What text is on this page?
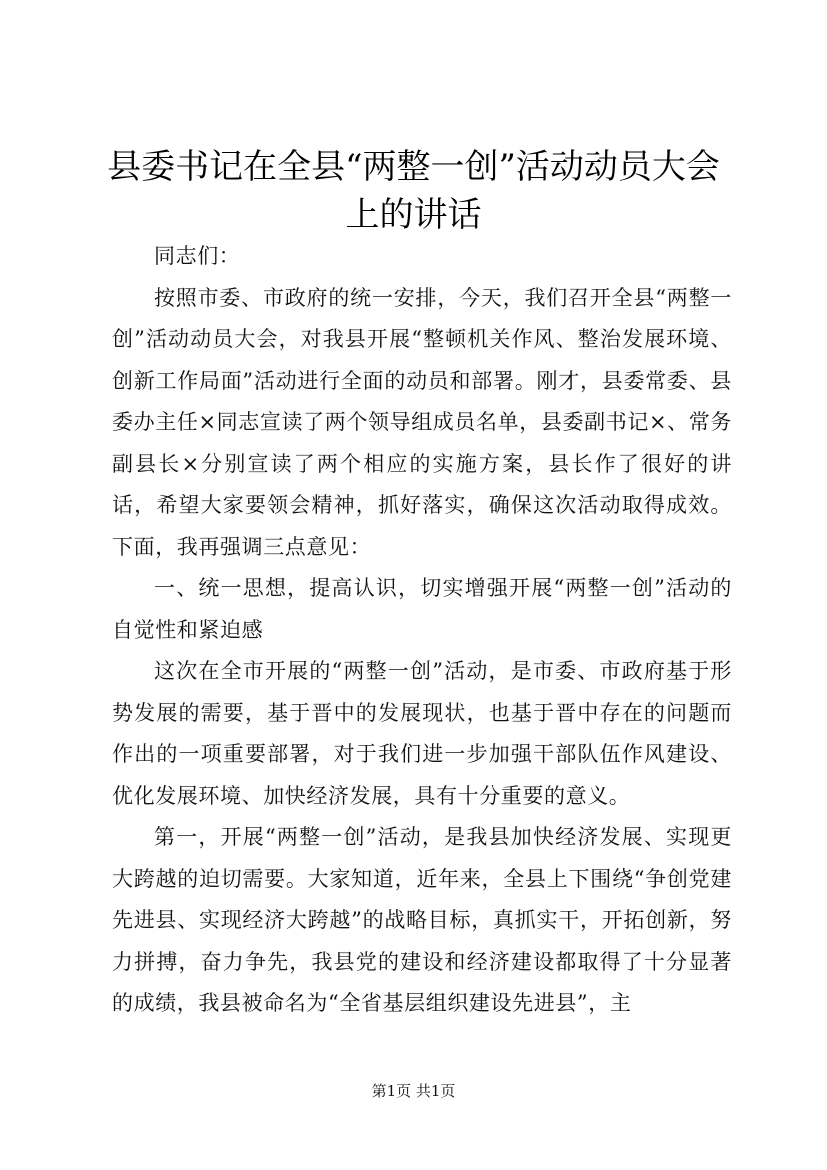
县委书记在全县“两整一创”活动动员大会上的讲话

同志们：

按照市委、市政府的统一安排，今天，我们召开全县“两整一创”活动动员大会，对我县开展“整顿机关作风、整治发展环境、创新工作局面”活动进行全面的动员和部署。刚才，县委常委、县委办主任×同志宣读了两个领导组成员名单，县委副书记×、常务副县长×分别宣读了两个相应的实施方案，县长作了很好的讲话，希望大家要领会精神，抓好落实，确保这次活动取得成效。下面，我再强调三点意见：

一、统一思想，提高认识，切实增强开展“两整一创”活动的自觉性和紧迫感

这次在全市开展的“两整一创”活动，是市委、市政府基于形势发展的需要，基于晋中的发展现状，也基于晋中存在的问题而作出的一项重要部署，对于我们进一步加强干部队伍作风建设、优化发展环境、加快经济发展，具有十分重要的意义。

第一，开展“两整一创”活动，是我县加快经济发展、实现更大跨越的迫切需要。大家知道，近年来，全县上下围绕“争创党建先进县、实现经济大跨越”的战略目标，真抓实干，开拓创新，努力拼搏，奋力争先，我县党的建设和经济建设都取得了十分显著的成绩，我县被命名为“全省基层组织建设先进县”，主

第1页 共1页
